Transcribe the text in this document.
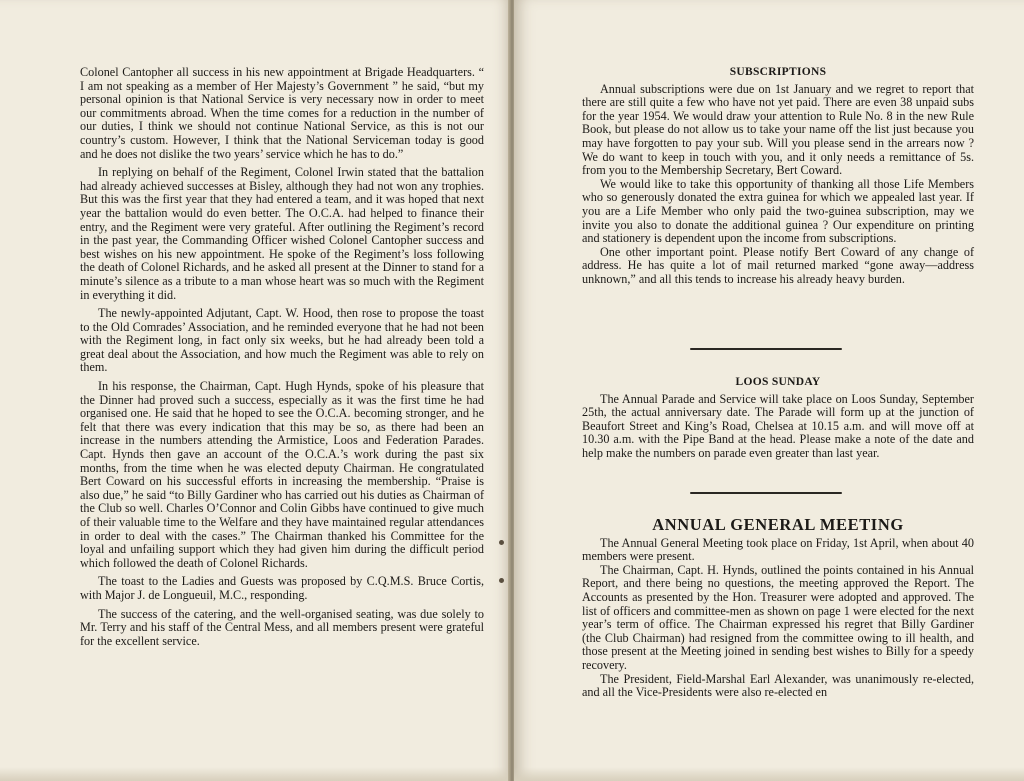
Colonel Cantopher all success in his new appointment at Brigade Headquarters. “ I am not speaking as a member of Her Majesty’s Government ” he said, “but my personal opinion is that National Service is very necessary now in order to meet our commitments abroad. When the time comes for a reduction in the number of our duties, I think we should not continue National Service, as this is not our country’s custom. However, I think that the National Serviceman today is good and he does not dislike the two years’ service which he has to do.”

In replying on behalf of the Regiment, Colonel Irwin stated that the battalion had already achieved successes at Bisley, although they had not won any trophies. But this was the first year that they had entered a team, and it was hoped that next year the battalion would do even better. The O.C.A. had helped to finance their entry, and the Regiment were very grateful. After outlining the Regiment’s record in the past year, the Commanding Officer wished Colonel Cantopher success and best wishes on his new appointment. He spoke of the Regiment’s loss following the death of Colonel Richards, and he asked all present at the Dinner to stand for a minute’s silence as a tribute to a man whose heart was so much with the Regiment in everything it did.

The newly-appointed Adjutant, Capt. W. Hood, then rose to propose the toast to the Old Comrades’ Association, and he reminded everyone that he had not been with the Regiment long, in fact only six weeks, but he had already been told a great deal about the Association, and how much the Regiment was able to rely on them.

In his response, the Chairman, Capt. Hugh Hynds, spoke of his pleasure that the Dinner had proved such a success, especially as it was the first time he had organised one. He said that he hoped to see the O.C.A. becoming stronger, and he felt that there was every indication that this may be so, as there had been an increase in the numbers attending the Armistice, Loos and Federation Parades. Capt. Hynds then gave an account of the O.C.A.’s work during the past six months, from the time when he was elected deputy Chairman. He congratulated Bert Coward on his successful efforts in increasing the membership. “Praise is also due,” he said “to Billy Gardiner who has carried out his duties as Chairman of the Club so well. Charles O’Connor and Colin Gibbs have continued to give much of their valuable time to the Welfare and they have maintained regular attendances in order to deal with the cases.” The Chairman thanked his Committee for the loyal and unfailing support which they had given him during the difficult period which followed the death of Colonel Richards.

The toast to the Ladies and Guests was proposed by C.Q.M.S. Bruce Cortis, with Major J. de Longueuil, M.C., responding.

The success of the catering, and the well-organised seating, was due solely to Mr. Terry and his staff of the Central Mess, and all members present were grateful for the excellent service.

SUBSCRIPTIONS

Annual subscriptions were due on 1st January and we regret to report that there are still quite a few who have not yet paid. There are even 38 unpaid subs for the year 1954. We would draw your attention to Rule No. 8 in the new Rule Book, but please do not allow us to take your name off the list just because you may have forgotten to pay your sub. Will you please send in the arrears now ? We do want to keep in touch with you, and it only needs a remittance of 5s. from you to the Membership Secretary, Bert Coward.

We would like to take this opportunity of thanking all those Life Members who so generously donated the extra guinea for which we appealed last year. If you are a Life Member who only paid the two-guinea subscription, may we invite you also to donate the additional guinea ? Our expenditure on printing and stationery is dependent upon the income from subscriptions.

One other important point. Please notify Bert Coward of any change of address. He has quite a lot of mail returned marked “gone away—address unknown,” and all this tends to increase his already heavy burden.

LOOS SUNDAY

The Annual Parade and Service will take place on Loos Sunday, September 25th, the actual anniversary date. The Parade will form up at the junction of Beaufort Street and King’s Road, Chelsea at 10.15 a.m. and will move off at 10.30 a.m. with the Pipe Band at the head. Please make a note of the date and help make the numbers on parade even greater than last year.

ANNUAL GENERAL MEETING

The Annual General Meeting took place on Friday, 1st April, when about 40 members were present.

The Chairman, Capt. H. Hynds, outlined the points contained in his Annual Report, and there being no questions, the meeting approved the Report. The Accounts as presented by the Hon. Treasurer were adopted and approved. The list of officers and committee-men as shown on page 1 were elected for the next year’s term of office. The Chairman expressed his regret that Billy Gardiner (the Club Chairman) had resigned from the committee owing to ill health, and those present at the Meeting joined in sending best wishes to Billy for a speedy recovery.

The President, Field-Marshal Earl Alexander, was unanimously re-elected, and all the Vice-Presidents were also re-elected en
